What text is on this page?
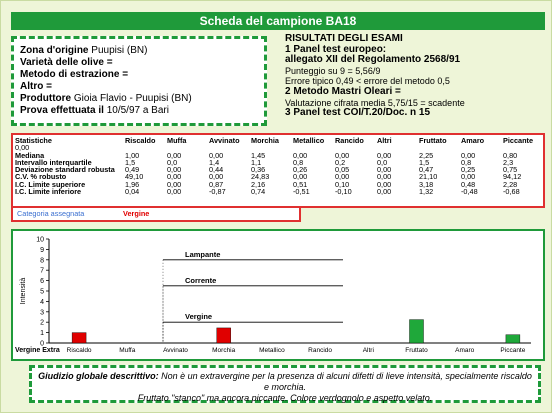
Scheda del campione BA18
Zona d'origine Puupisi (BN)
Varietà delle olive =
Metodo di estrazione =
Altro =
Produttore Gioia Flavio - Puupisi (BN)
Prova effettuata il 10/5/97 a Bari
RISULTATI DEGLI ESAMI
1 Panel test europeo:
allegato XII del Regolamento 2568/91
Punteggio su 9 = 5,56/9
Errore tipico 0,49 < errore del metodo 0,5
2 Metodo Mastri Oleari =
Valutazione cifrata media 5,75/15 = scadente
3 Panel test COI/T.20/Doc. n 15
Statistiche
0,00	Riscaldo	Muffa	Avvinato	Morchia	Metallico	Rancido	Altri	Fruttato	Amaro	Piccante
Mediana	1,00	0,00	0,00	1,45	0,00	0,00	0,00	2,25	0,00	0,80
Intervallo interquartile	1,5	0,0	1,4	1,1	0,8	0,2	0,0	1,5	0,8	2,3
Deviazione standard robusta	0,49	0,00	0,44	0,36	0,26	0,05	0,00	0,47	0,25	0,75
C.V. % robusto	49,10	0,00	0,00	24,83	0,00	0,00	0,00	21,10	0,00	94,12
I.C. Limite superiore	1,96	0,00	0,87	2,16	0,51	0,10	0,00	3,18	0,48	2,28
I.C. Limite inferiore	0,04	0,00	-0,87	0,74	-0,51	-0,10	0,00	1,32	-0,48	-0,68
Categoria assegnata	Vergine
0
1
2
3
4
5
6
7
8
9
10
Intensità
Lampante
Corrente
Vergine
Riscaldo	Muffa	Avvinato	Morchia	Metallico	Rancido	Altri	Fruttato	Amaro	Piccante
Vergine Extra
Giudizio globale descrittivo: Non è un extravergine per la presenza di alcuni difetti di lieve intensità, specialmente riscaldo e morchia.
Fruttato "stanco" ma ancora piccante. Colore verdognolo e aspetto velato.
